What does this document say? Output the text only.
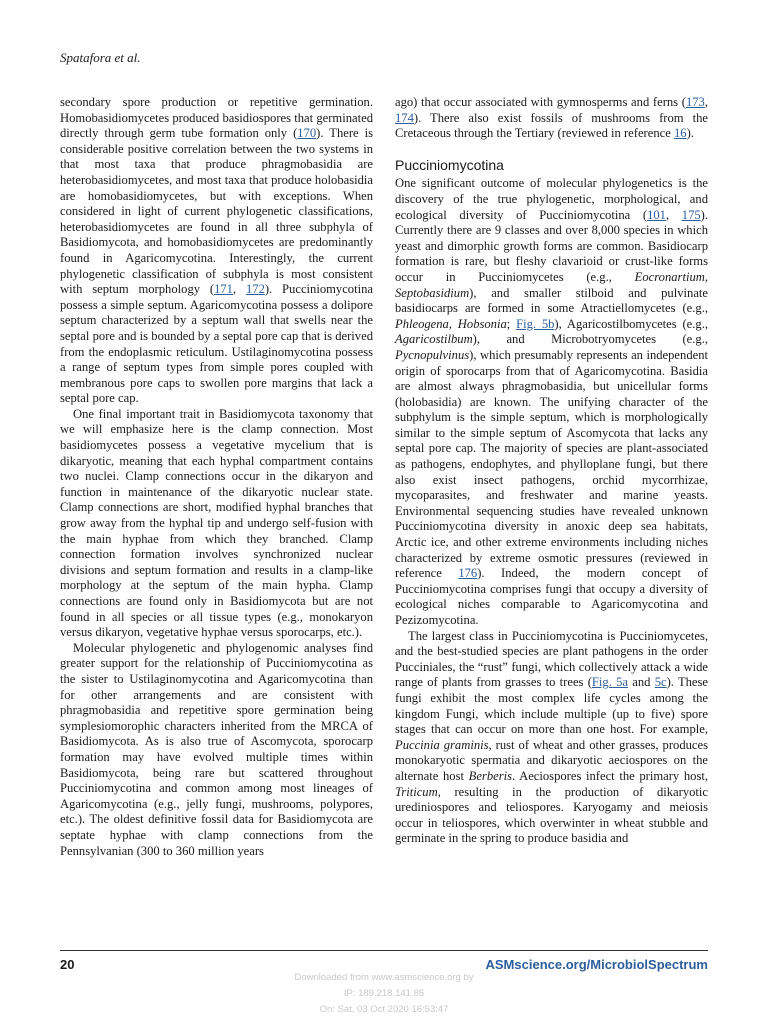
Spatafora et al.

secondary spore production or repetitive germination. Homobasidiomycetes produced basidiospores that germinated directly through germ tube formation only (170). There is considerable positive correlation between the two systems in that most taxa that produce phragmobasidia are heterobasidiomycetes, and most taxa that produce holobasidia are homobasidiomycetes, but with exceptions. When considered in light of current phylogenetic classifications, heterobasidiomycetes are found in all three subphyla of Basidiomycota, and homobasidiomycetes are predominantly found in Agaricomycotina. Interestingly, the current phylogenetic classification of subphyla is most consistent with septum morphology (171, 172). Pucciniomycotina possess a simple septum. Agaricomycotina possess a dolipore septum characterized by a septum wall that swells near the septal pore and is bounded by a septal pore cap that is derived from the endoplasmic reticulum. Ustilaginomycotina possess a range of septum types from simple pores coupled with membranous pore caps to swollen pore margins that lack a septal pore cap.

One final important trait in Basidiomycota taxonomy that we will emphasize here is the clamp connection. Most basidiomycetes possess a vegetative mycelium that is dikaryotic, meaning that each hyphal compartment contains two nuclei. Clamp connections occur in the dikaryon and function in maintenance of the dikaryotic nuclear state. Clamp connections are short, modified hyphal branches that grow away from the hyphal tip and undergo self-fusion with the main hyphae from which they branched. Clamp connection formation involves synchronized nuclear divisions and septum formation and results in a clamp-like morphology at the septum of the main hypha. Clamp connections are found only in Basidiomycota but are not found in all species or all tissue types (e.g., monokaryon versus dikaryon, vegetative hyphae versus sporocarps, etc.).

Molecular phylogenetic and phylogenomic analyses find greater support for the relationship of Pucciniomycotina as the sister to Ustilaginomycotina and Agaricomycotina than for other arrangements and are consistent with phragmobasidia and repetitive spore germination being symplesiomorophic characters inherited from the MRCA of Basidiomycota. As is also true of Ascomycota, sporocarp formation may have evolved multiple times within Basidiomycota, being rare but scattered throughout Pucciniomycotina and common among most lineages of Agaricomycotina (e.g., jelly fungi, mushrooms, polypores, etc.). The oldest definitive fossil data for Basidiomycota are septate hyphae with clamp connections from the Pennsylvanian (300 to 360 million years

ago) that occur associated with gymnosperms and ferns (173, 174). There also exist fossils of mushrooms from the Cretaceous through the Tertiary (reviewed in reference 16).

Pucciniomycotina

One significant outcome of molecular phylogenetics is the discovery of the true phylogenetic, morphological, and ecological diversity of Pucciniomycotina (101, 175). Currently there are 9 classes and over 8,000 species in which yeast and dimorphic growth forms are common. Basidiocarp formation is rare, but fleshy clavarioid or crust-like forms occur in Pucciniomycetes (e.g., Eocronartium, Septobasidium), and smaller stilboid and pulvinate basidiocarps are formed in some Atractiellomycetes (e.g., Phleogena, Hobsonia; Fig. 5b), Agaricostilbomycetes (e.g., Agaricostilbum), and Microbotryomycetes (e.g., Pycnopulvinus), which presumably represents an independent origin of sporocarps from that of Agaricomycotina. Basidia are almost always phragmobasidia, but unicellular forms (holobasidia) are known. The unifying character of the subphylum is the simple septum, which is morphologically similar to the simple septum of Ascomycota that lacks any septal pore cap. The majority of species are plant-associated as pathogens, endophytes, and phylloplane fungi, but there also exist insect pathogens, orchid mycorrhizae, mycoparasites, and freshwater and marine yeasts. Environmental sequencing studies have revealed unknown Pucciniomycotina diversity in anoxic deep sea habitats, Arctic ice, and other extreme environments including niches characterized by extreme osmotic pressures (reviewed in reference 176). Indeed, the modern concept of Pucciniomycotina comprises fungi that occupy a diversity of ecological niches comparable to Agaricomycotina and Pezizomycotina.

The largest class in Pucciniomycotina is Pucciniomycetes, and the best-studied species are plant pathogens in the order Pucciniales, the “rust” fungi, which collectively attack a wide range of plants from grasses to trees (Fig. 5a and 5c). These fungi exhibit the most complex life cycles among the kingdom Fungi, which include multiple (up to five) spore stages that can occur on more than one host. For example, Puccinia graminis, rust of wheat and other grasses, produces monokaryotic spermatia and dikaryotic aeciospores on the alternate host Berberis. Aeciospores infect the primary host, Triticum, resulting in the production of dikaryotic urediniospores and teliospores. Karyogamy and meiosis occur in teliospores, which overwinter in wheat stubble and germinate in the spring to produce basidia and

20	ASMscience.org/MicrobiolSpectrum
Downloaded from www.asmscience.org by
IP: 189.218.141.85
On: Sat, 03 Oct 2020 16:53:47
